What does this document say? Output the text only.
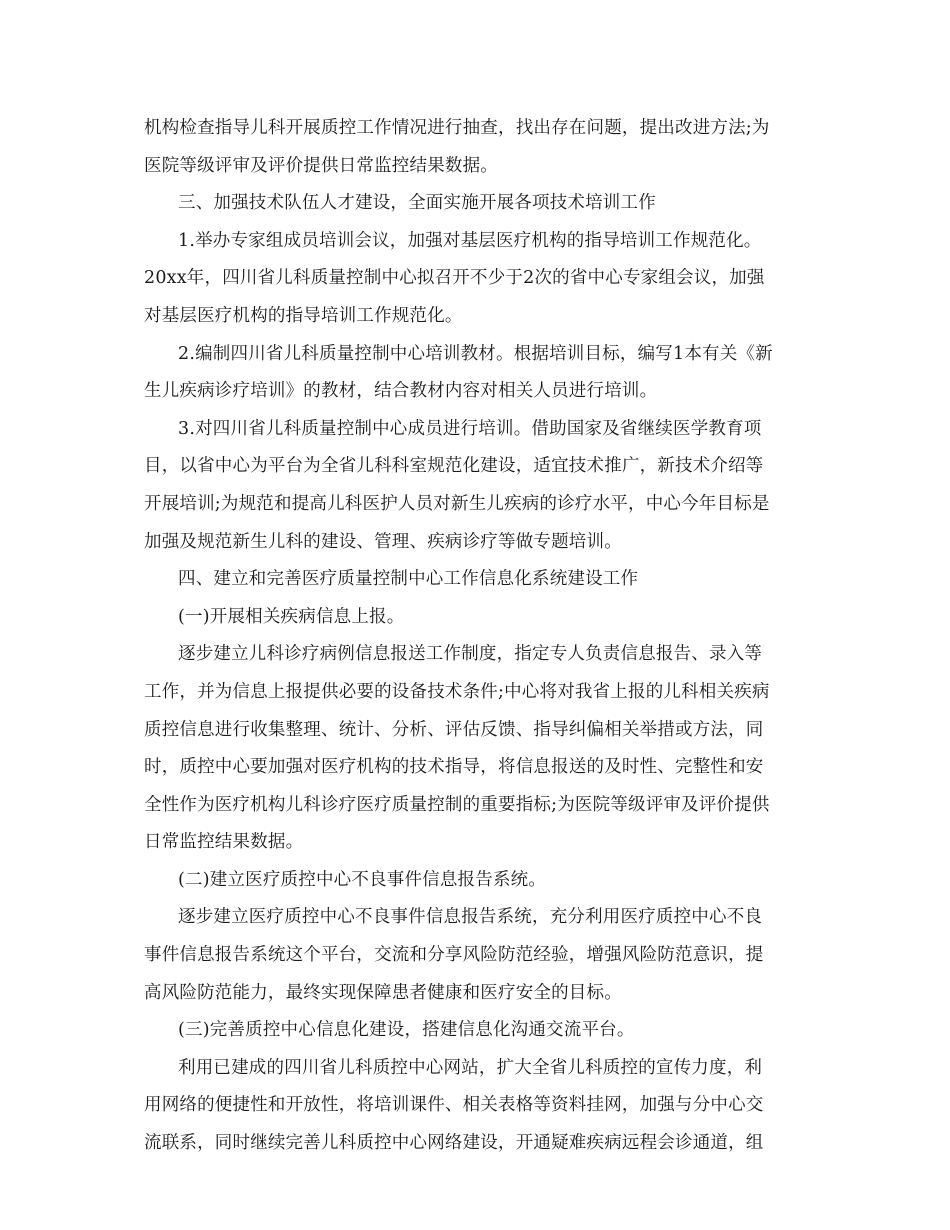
机构检查指导儿科开展质控工作情况进行抽查，找出存在问题，提出改进方法;为
医院等级评审及评价提供日常监控结果数据。
三、加强技术队伍人才建设，全面实施开展各项技术培训工作
1.举办专家组成员培训会议，加强对基层医疗机构的指导培训工作规范化。
20xx年，四川省儿科质量控制中心拟召开不少于2次的省中心专家组会议，加强
对基层医疗机构的指导培训工作规范化。
2.编制四川省儿科质量控制中心培训教材。根据培训目标，编写1本有关《新
生儿疾病诊疗培训》的教材，结合教材内容对相关人员进行培训。
3.对四川省儿科质量控制中心成员进行培训。借助国家及省继续医学教育项
目，以省中心为平台为全省儿科科室规范化建设，适宜技术推广，新技术介绍等
开展培训;为规范和提高儿科医护人员对新生儿疾病的诊疗水平，中心今年目标是
加强及规范新生儿科的建设、管理、疾病诊疗等做专题培训。
四、建立和完善医疗质量控制中心工作信息化系统建设工作
(一)开展相关疾病信息上报。
逐步建立儿科诊疗病例信息报送工作制度，指定专人负责信息报告、录入等
工作，并为信息上报提供必要的设备技术条件;中心将对我省上报的儿科相关疾病
质控信息进行收集整理、统计、分析、评估反馈、指导纠偏相关举措或方法，同
时，质控中心要加强对医疗机构的技术指导，将信息报送的及时性、完整性和安
全性作为医疗机构儿科诊疗医疗质量控制的重要指标;为医院等级评审及评价提供
日常监控结果数据。
(二)建立医疗质控中心不良事件信息报告系统。
逐步建立医疗质控中心不良事件信息报告系统，充分利用医疗质控中心不良
事件信息报告系统这个平台，交流和分享风险防范经验，增强风险防范意识，提
高风险防范能力，最终实现保障患者健康和医疗安全的目标。
(三)完善质控中心信息化建设，搭建信息化沟通交流平台。
利用已建成的四川省儿科质控中心网站，扩大全省儿科质控的宣传力度，利
用网络的便捷性和开放性，将培训课件、相关表格等资料挂网，加强与分中心交
流联系，同时继续完善儿科质控中心网络建设，开通疑难疾病远程会诊通道，组
